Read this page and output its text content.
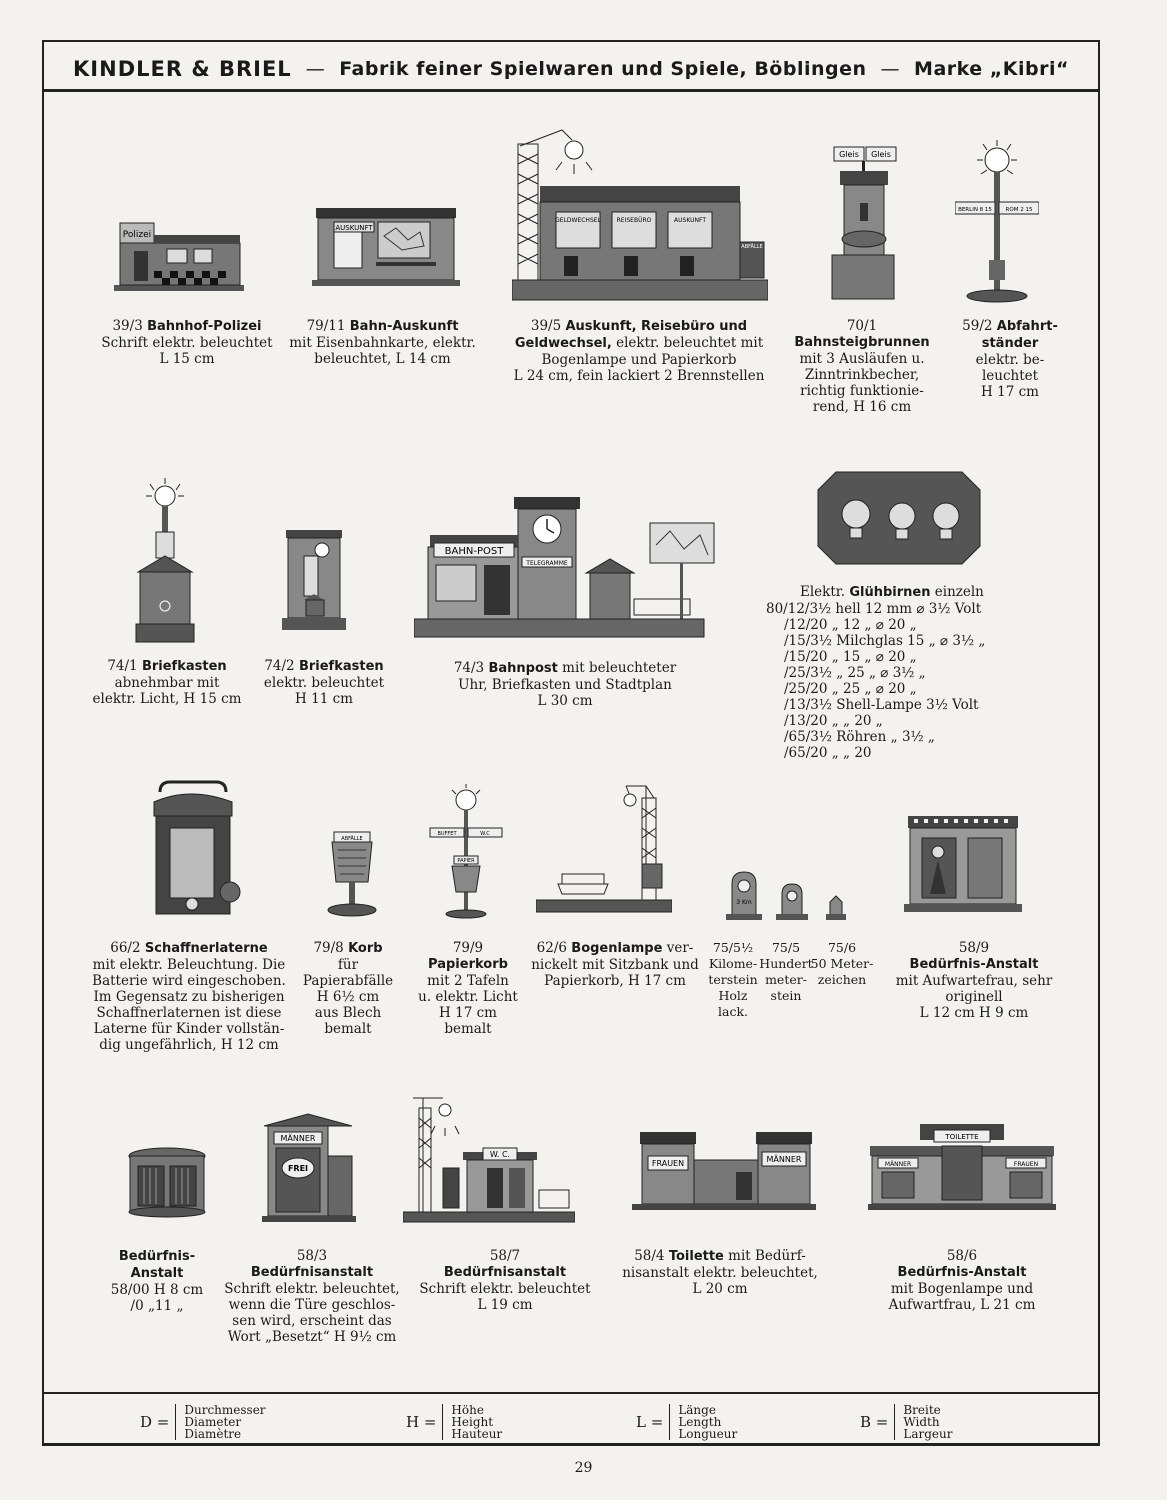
KINDLER & BRIEL — Fabrik feiner Spielwaren und Spiele, Böblingen — Marke „Kibri“
Polizei
AUSKUNFT
GELDWECHSEL	REISEBÜRO	AUSKUNFT
ABFÄLLE
Gleis Gleis
BERLIN 8 15 ROM 2 15
39/3 Bahnhof-Polizei
Schrift elektr. beleuchtet
L 15 cm
79/11 Bahn-Auskunft
mit Eisenbahnkarte, elektr.
beleuchtet, L 14 cm
39/5 Auskunft, Reisebüro und
Geldwechsel, elektr. beleuchtet mit
Bogenlampe und Papierkorb
L 24 cm, fein lackiert 2 Brennstellen
70/1
Bahnsteigbrunnen
mit 3 Ausläufen u.
Zinntrinkbecher,
richtig funktionie-
rend, H 16 cm
59/2 Abfahrt-
ständer
elektr. be-
leuchtet
H 17 cm
TELEGRAMME
BAHN-POST
74/1 Briefkasten
abnehmbar mit
elektr. Licht, H 15 cm
74/2 Briefkasten
elektr. beleuchtet
H 11 cm
74/3 Bahnpost mit beleuchteter
Uhr, Briefkasten und Stadtplan
L 30 cm
Elektr. Glühbirnen einzeln
80/12/3½ hell 12 mm ⌀ 3½ Volt
/12/20 „ 12 „ ⌀ 20 „
/15/3½ Milchglas 15 „ ⌀ 3½ „
/15/20 „ 15 „ ⌀ 20 „
/25/3½ „ 25 „ ⌀ 3½ „
/25/20 „ 25 „ ⌀ 20 „
/13/3½ Shell-Lampe 3½ Volt
/13/20 „ „ 20 „
/65/3½ Röhren „ 3½ „
/65/20 „ „ 20
ABFÄLLE
BUFFET	W.C
PAPIER
3 Km
66/2 Schaffnerlaterne
mit elektr. Beleuchtung. Die
Batterie wird eingeschoben.
Im Gegensatz zu bisherigen
Schaffnerlaternen ist diese
Laterne für Kinder vollstän-
dig ungefährlich, H 12 cm
79/8 Korb
für
Papierabfälle
H 6½ cm
aus Blech
bemalt
79/9
Papierkorb
mit 2 Tafeln
u. elektr. Licht
H 17 cm
bemalt
62/6 Bogenlampe ver-
nickelt mit Sitzbank und
Papierkorb, H 17 cm
75/5½
Kilome-
terstein
Holz
lack.
75/5
Hundert
meter-
stein
75/6
50 Meter-
zeichen
58/9
Bedürfnis-Anstalt
mit Aufwartefrau, sehr
originell
L 12 cm H 9 cm
MÄNNER
FREI
W. C.
FRAUEN	MÄNNER
TOILETTE
MÄNNER	FRAUEN
Bedürfnis-
Anstalt
58/00 H 8 cm
/0 „11 „
58/3
Bedürfnisanstalt
Schrift elektr. beleuchtet,
wenn die Türe geschlos-
sen wird, erscheint das
Wort „Besetzt“ H 9½ cm
58/7
Bedürfnisanstalt
Schrift elektr. beleuchtet
L 19 cm
58/4 Toilette mit Bedürf-
nisanstalt elektr. beleuchtet,
L 20 cm
58/6
Bedürfnis-Anstalt
mit Bogenlampe und
Aufwartfrau, L 21 cm
D =
Durchmesser
Diameter
Diamètre
H =
Höhe
Height
Hauteur
L =
Länge
Length
Longueur
B =
Breite
Width
Largeur
29
